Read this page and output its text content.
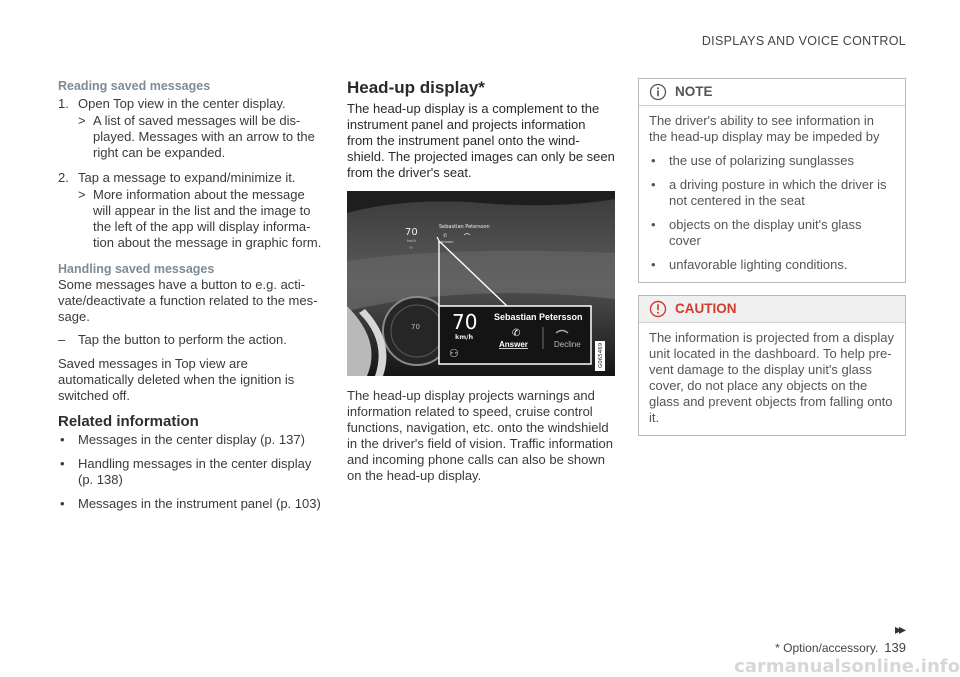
DISPLAYS AND VOICE CONTROL

Reading saved messages

1. Open Top view in the center display.
> A list of saved messages will be dis-played. Messages with an arrow to the right can be expanded.
2. Tap a message to expand/minimize it.
> More information about the message will appear in the list and the image to the left of the app will display informa-tion about the message in graphic form.

Handling saved messages

Some messages have a button to e.g. acti-vate/deactivate a function related to the mes-sage.

– Tap the button to perform the action.

Saved messages in Top view are automatically deleted when the ignition is switched off.

Related information

• Messages in the center display (p. 137)
• Handling messages in the center display (p. 138)
• Messages in the instrument panel (p. 103)

Head-up display*

The head-up display is a complement to the instrument panel and projects information from the instrument panel onto the wind-shield. The projected images can only be seen from the driver's seat.
70
70
km/h
Sebastian Petersson
Answer
✆
⚇
70
km/h
⚇
Sebastian Petersson
✆
Answer	Decline	G065469

The head-up display projects warnings and information related to speed, cruise control functions, navigation, etc. onto the windshield in the driver's field of vision. Traffic information and incoming phone calls can also be shown on the head-up display.

NOTE
The driver's ability to see information in the head-up display may be impeded by
• the use of polarizing sunglasses
• a driving posture in which the driver is not centered in the seat
• objects on the display unit's glass cover
• unfavorable lighting conditions.
CAUTION
The information is projected from a display unit located in the dashboard. To help pre-vent damage to the display unit's glass cover, do not place any objects on the glass and prevent objects from falling onto it.
▸▸
* Option/accessory. 139
carmanualsonline.info
